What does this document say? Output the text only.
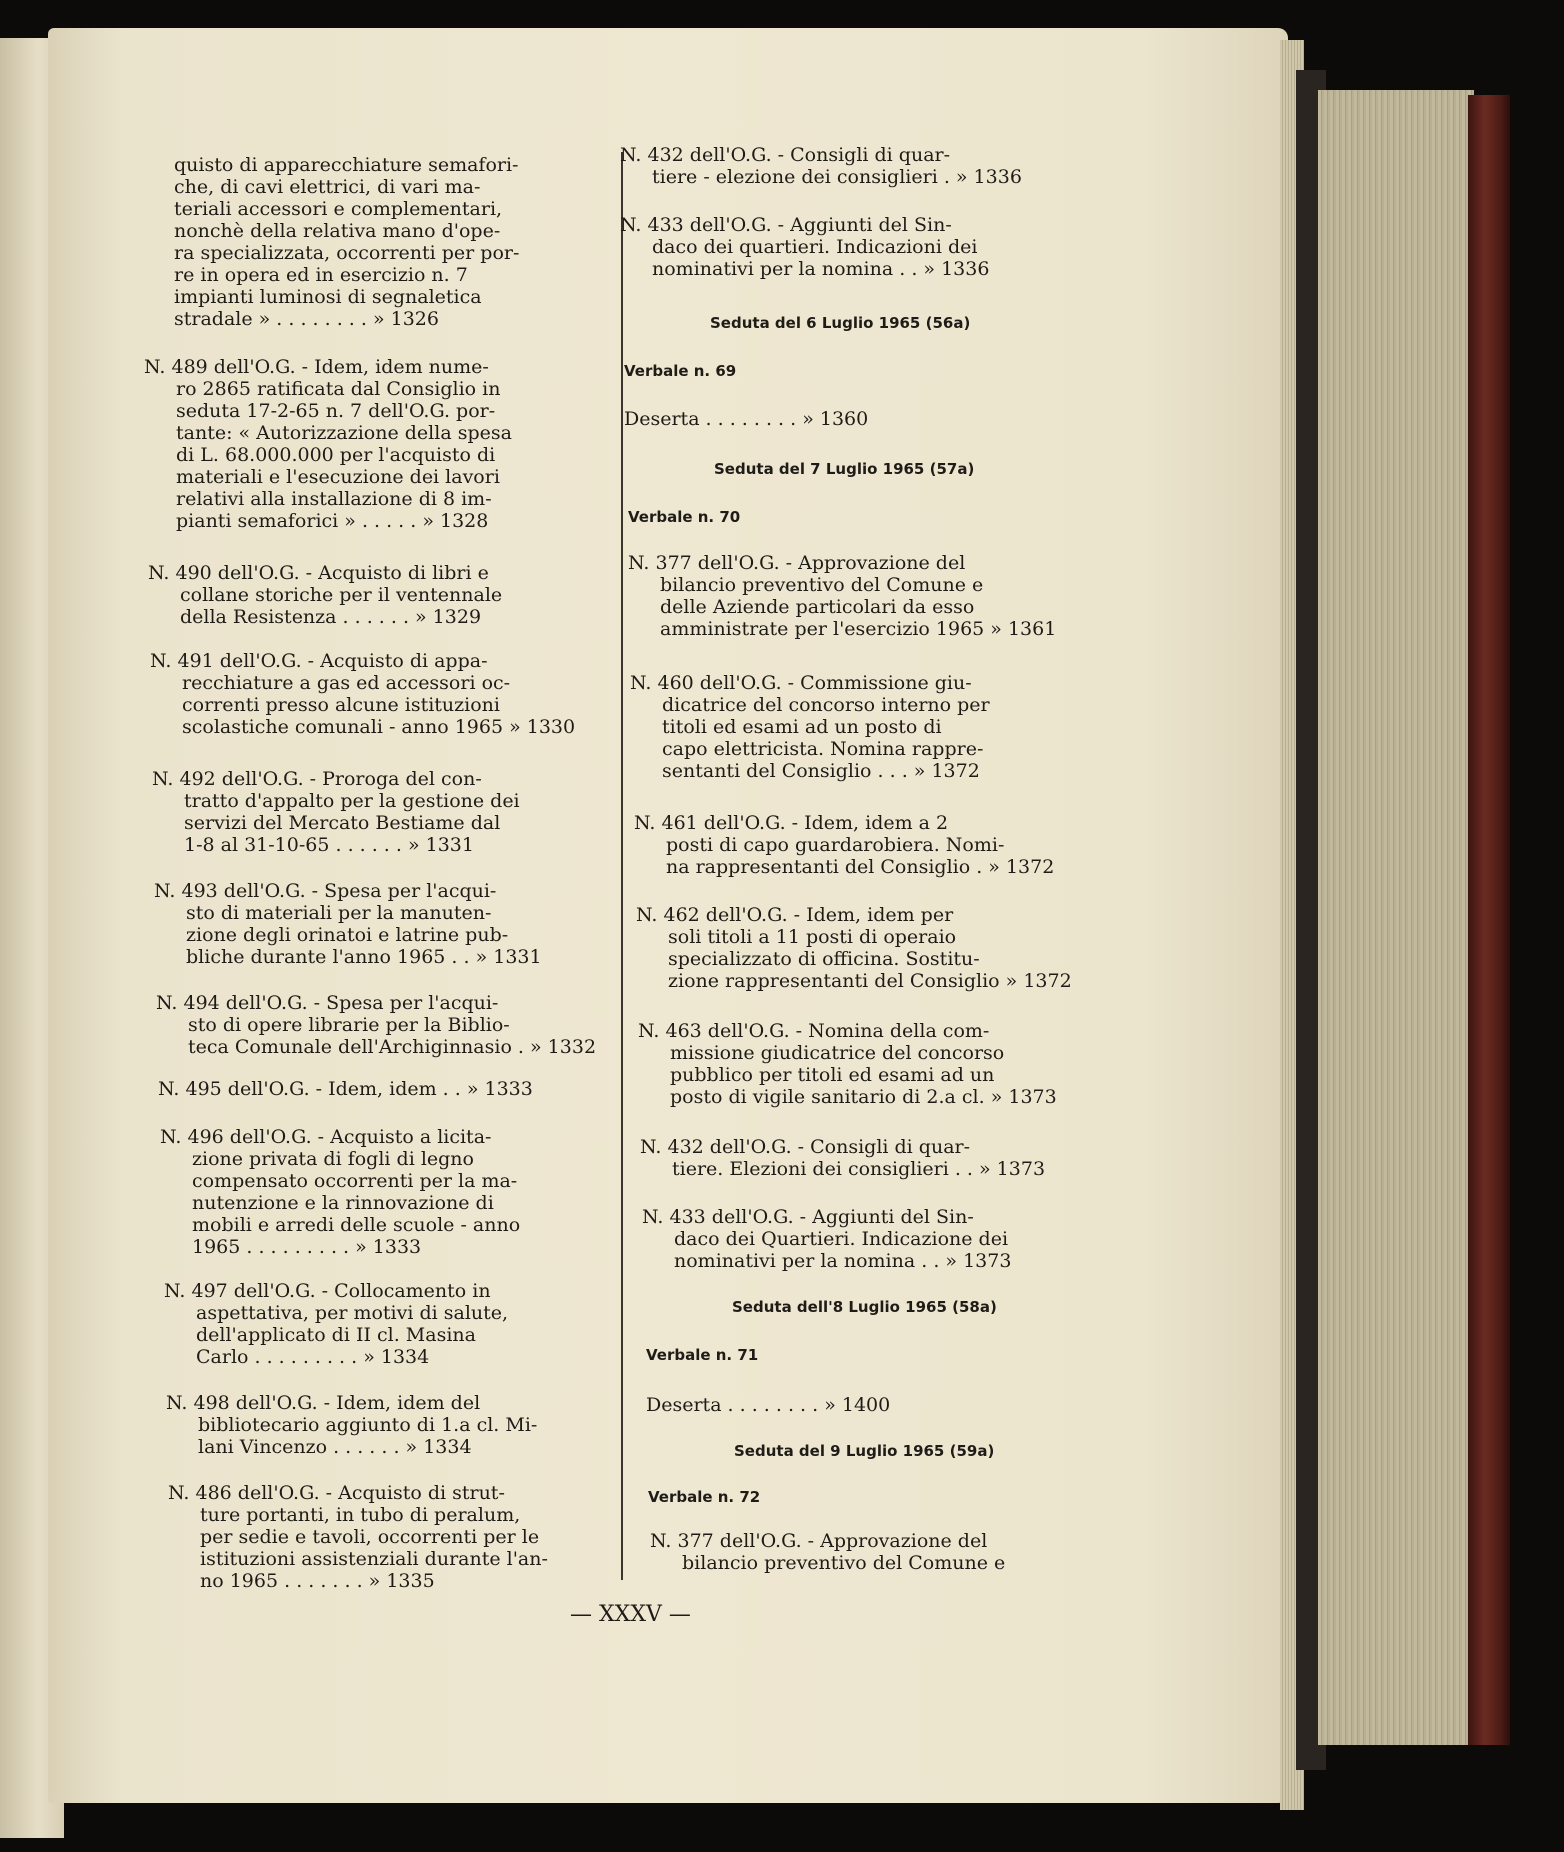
quisto di apparecchiature semafori-
che, di cavi elettrici, di vari ma-
teriali accessori e complementari,
nonchè della relativa mano d'ope-
ra specializzata, occorrenti per por-
re in opera ed in esercizio n. 7
impianti luminosi di segnaletica
stradale » . . . . . . . . » 1326
N. 489 dell'O.G. - Idem, idem nume-
ro 2865 ratificata dal Consiglio in
seduta 17-2-65 n. 7 dell'O.G. por-
tante: « Autorizzazione della spesa
di L. 68.000.000 per l'acquisto di
materiali e l'esecuzione dei lavori
relativi alla installazione di 8 im-
pianti semaforici » . . . . . » 1328
N. 490 dell'O.G. - Acquisto di libri e
collane storiche per il ventennale
della Resistenza . . . . . . » 1329
N. 491 dell'O.G. - Acquisto di appa-
recchiature a gas ed accessori oc-
correnti presso alcune istituzioni
scolastiche comunali - anno 1965 » 1330
N. 492 dell'O.G. - Proroga del con-
tratto d'appalto per la gestione dei
servizi del Mercato Bestiame dal
1-8 al 31-10-65 . . . . . . » 1331
N. 493 dell'O.G. - Spesa per l'acqui-
sto di materiali per la manuten-
zione degli orinatoi e latrine pub-
bliche durante l'anno 1965 . . » 1331
N. 494 dell'O.G. - Spesa per l'acqui-
sto di opere librarie per la Biblio-
teca Comunale dell'Archiginnasio . » 1332
N. 495 dell'O.G. - Idem, idem . . » 1333
N. 496 dell'O.G. - Acquisto a licita-
zione privata di fogli di legno
compensato occorrenti per la ma-
nutenzione e la rinnovazione di
mobili e arredi delle scuole - anno
1965 . . . . . . . . . » 1333
N. 497 dell'O.G. - Collocamento in
aspettativa, per motivi di salute,
dell'applicato di II cl. Masina
Carlo . . . . . . . . . » 1334
N. 498 dell'O.G. - Idem, idem del
bibliotecario aggiunto di 1.a cl. Mi-
lani Vincenzo . . . . . . » 1334
N. 486 dell'O.G. - Acquisto di strut-
ture portanti, in tubo di peralum,
per sedie e tavoli, occorrenti per le
istituzioni assistenziali durante l'an-
no 1965 . . . . . . . » 1335
N. 432 dell'O.G. - Consigli di quar-
tiere - elezione dei consiglieri . » 1336
N. 433 dell'O.G. - Aggiunti del Sin-
daco dei quartieri. Indicazioni dei
nominativi per la nomina . . » 1336
Seduta del 6 Luglio 1965 (56a)
Verbale n. 69
Deserta . . . . . . . . » 1360
Seduta del 7 Luglio 1965 (57a)
Verbale n. 70
N. 377 dell'O.G. - Approvazione del
bilancio preventivo del Comune e
delle Aziende particolari da esso
amministrate per l'esercizio 1965 » 1361
N. 460 dell'O.G. - Commissione giu-
dicatrice del concorso interno per
titoli ed esami ad un posto di
capo elettricista. Nomina rappre-
sentanti del Consiglio . . . » 1372
N. 461 dell'O.G. - Idem, idem a 2
posti di capo guardarobiera. Nomi-
na rappresentanti del Consiglio . » 1372
N. 462 dell'O.G. - Idem, idem per
soli titoli a 11 posti di operaio
specializzato di officina. Sostitu-
zione rappresentanti del Consiglio » 1372
N. 463 dell'O.G. - Nomina della com-
missione giudicatrice del concorso
pubblico per titoli ed esami ad un
posto di vigile sanitario di 2.a cl. » 1373
N. 432 dell'O.G. - Consigli di quar-
tiere. Elezioni dei consiglieri . . » 1373
N. 433 dell'O.G. - Aggiunti del Sin-
daco dei Quartieri. Indicazione dei
nominativi per la nomina . . » 1373
Seduta dell'8 Luglio 1965 (58a)
Verbale n. 71
Deserta . . . . . . . . » 1400
Seduta del 9 Luglio 1965 (59a)
Verbale n. 72
N. 377 dell'O.G. - Approvazione del
bilancio preventivo del Comune e
— XXXV —
